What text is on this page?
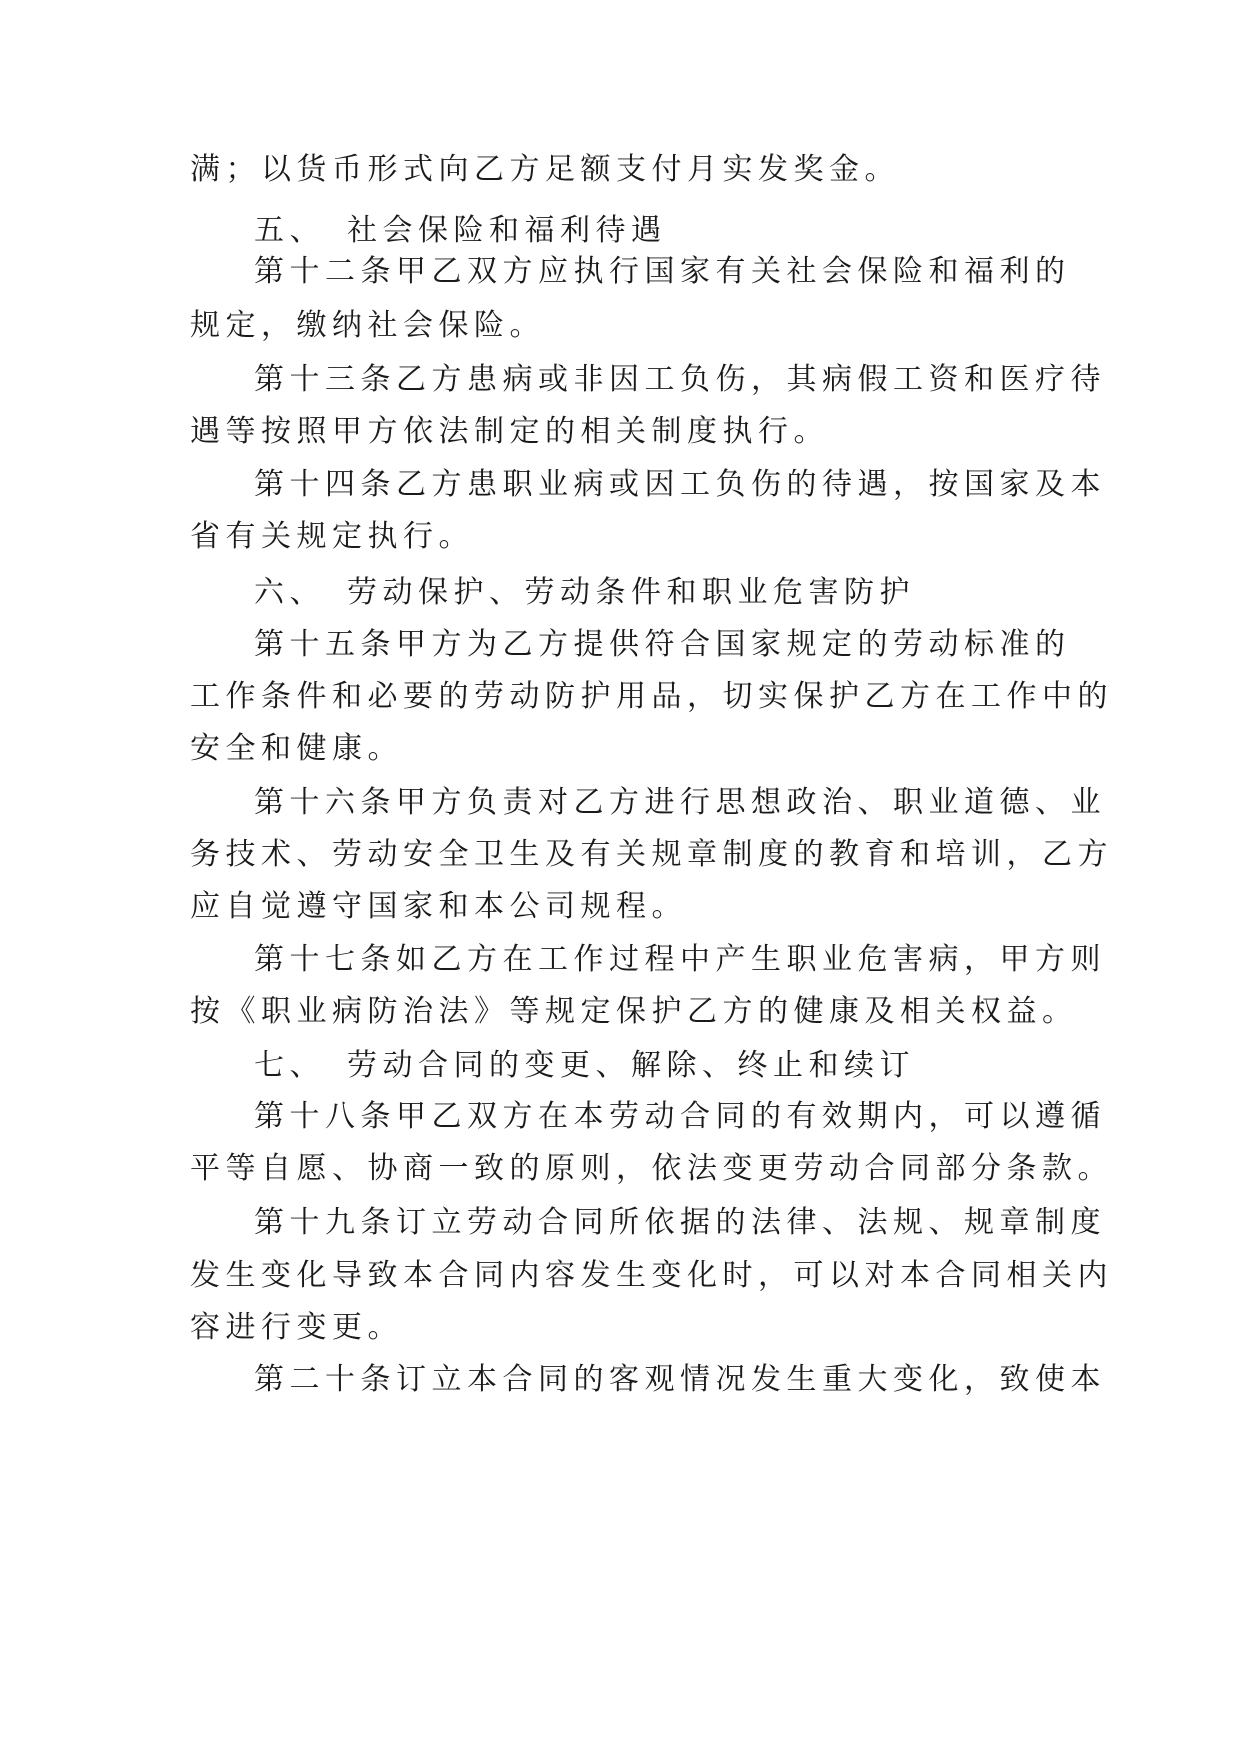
满；以货币形式向乙方足额支付月实发奖金。
五、 社会保险和福利待遇
第十二条甲乙双方应执行国家有关社会保险和福利的
规定，缴纳社会保险。
第十三条乙方患病或非因工负伤，其病假工资和医疗待
遇等按照甲方依法制定的相关制度执行。
第十四条乙方患职业病或因工负伤的待遇，按国家及本
省有关规定执行。
六、 劳动保护、劳动条件和职业危害防护
第十五条甲方为乙方提供符合国家规定的劳动标准的
工作条件和必要的劳动防护用品，切实保护乙方在工作中的
安全和健康。
第十六条甲方负责对乙方进行思想政治、职业道德、业
务技术、劳动安全卫生及有关规章制度的教育和培训，乙方
应自觉遵守国家和本公司规程。
第十七条如乙方在工作过程中产生职业危害病，甲方则
按《职业病防治法》等规定保护乙方的健康及相关权益。
七、 劳动合同的变更、解除、终止和续订
第十八条甲乙双方在本劳动合同的有效期内，可以遵循
平等自愿、协商一致的原则，依法变更劳动合同部分条款。
第十九条订立劳动合同所依据的法律、法规、规章制度
发生变化导致本合同内容发生变化时，可以对本合同相关内
容进行变更。
第二十条订立本合同的客观情况发生重大变化，致使本
